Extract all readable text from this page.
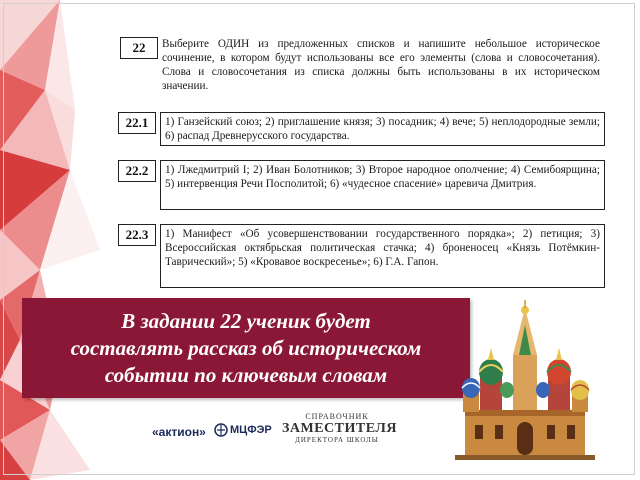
22	Выберите ОДИН из предложенных списков и напишите небольшое историческое сочинение, в котором будут использованы все его элементы (слова и словосочетания). Слова и словосочетания из списка должны быть использованы в их историческом значении.
22.1	1) Ганзейский союз; 2) приглашение князя; 3) посадник; 4) вече; 5) неплодородные земли; 6) распад Древнерусского государства.
22.2	1) Лжедмитрий I; 2) Иван Болотников; 3) Второе народное ополчение; 4) Семибоярщина; 5) интервенция Речи Посполитой; 6) «чудесное спасение» царевича Дмитрия.
22.3	1) Манифест «Об усовершенствовании государственного порядка»; 2) петиция; 3) Всероссийская октябрьская политическая стачка; 4) броненосец «Князь Потёмкин-Таврический»; 5) «Кровавое воскресенье»; 6) Г.А. Гапон.
В задании 22 ученик будет
составлять рассказ об историческом
событии по ключевым словам
«актион» МЦФЭР
СПРАВОЧНИК
ЗАМЕСТИТЕЛЯ
ДИРЕКТОРА ШКОЛЫ
